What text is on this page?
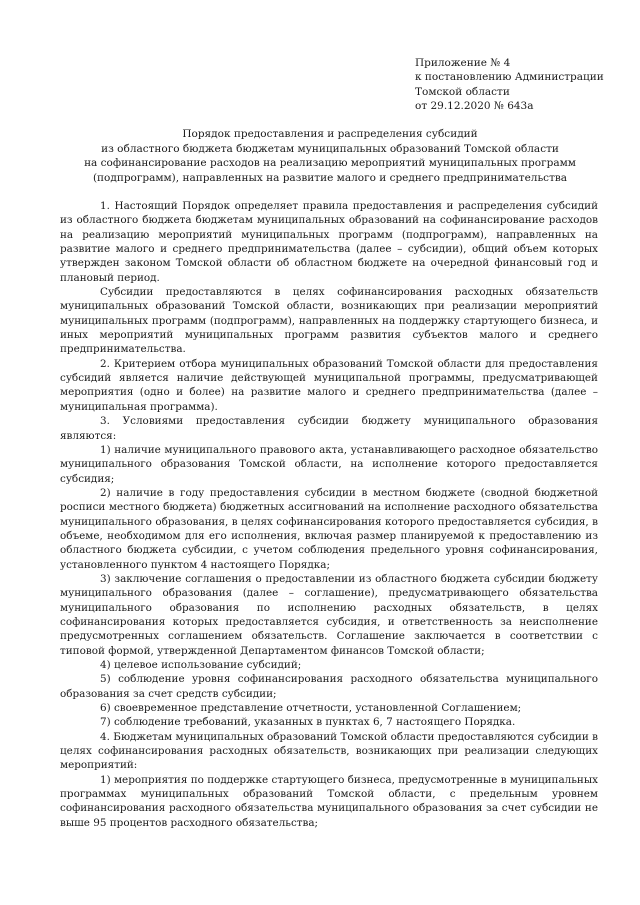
Приложение № 4
к постановлению Администрации
Томской области
от 29.12.2020 № 643а
Порядок предоставления и распределения субсидий
из областного бюджета бюджетам муниципальных образований Томской области
на софинансирование расходов на реализацию мероприятий муниципальных программ
(подпрограмм), направленных на развитие малого и среднего предпринимательства

1. Настоящий Порядок определяет правила предоставления и распределения субсидий из областного бюджета бюджетам муниципальных образований на софинансирование расходов на реализацию мероприятий муниципальных программ (подпрограмм), направленных на развитие малого и среднего предпринимательства (далее – субсидии), общий объем которых утвержден законом Томской области об областном бюджете на очередной финансовый год и плановый период.

Субсидии предоставляются в целях софинансирования расходных обязательств муниципальных образований Томской области, возникающих при реализации мероприятий муниципальных программ (подпрограмм), направленных на поддержку стартующего бизнеса, и иных мероприятий муниципальных программ развития субъектов малого и среднего предпринимательства.

2. Критерием отбора муниципальных образований Томской области для предоставления субсидий является наличие действующей муниципальной программы, предусматривающей мероприятия (одно и более) на развитие малого и среднего предпринимательства (далее – муниципальная программа).

3. Условиями предоставления субсидии бюджету муниципального образования являются:

1) наличие муниципального правового акта, устанавливающего расходное обязательство муниципального образования Томской области, на исполнение которого предоставляется субсидия;

2) наличие в году предоставления субсидии в местном бюджете (сводной бюджетной росписи местного бюджета) бюджетных ассигнований на исполнение расходного обязательства муниципального образования, в целях софинансирования которого предоставляется субсидия, в объеме, необходимом для его исполнения, включая размер планируемой к предоставлению из областного бюджета субсидии, с учетом соблюдения предельного уровня софинансирования, установленного пунктом 4 настоящего Порядка;

3) заключение соглашения о предоставлении из областного бюджета субсидии бюджету муниципального образования (далее – соглашение), предусматривающего обязательства муниципального образования по исполнению расходных обязательств, в целях софинансирования которых предоставляется субсидия, и ответственность за неисполнение предусмотренных соглашением обязательств. Соглашение заключается в соответствии с типовой формой, утвержденной Департаментом финансов Томской области;

4) целевое использование субсидий;

5) соблюдение уровня софинансирования расходного обязательства муниципального образования за счет средств субсидии;

6) своевременное представление отчетности, установленной Соглашением;

7) соблюдение требований, указанных в пунктах 6, 7 настоящего Порядка.

4. Бюджетам муниципальных образований Томской области предоставляются субсидии в целях софинансирования расходных обязательств, возникающих при реализации следующих мероприятий:

1) мероприятия по поддержке стартующего бизнеса, предусмотренные в муниципальных программах муниципальных образований Томской области, с предельным уровнем софинансирования расходного обязательства муниципального образования за счет субсидии не выше 95 процентов расходного обязательства;
